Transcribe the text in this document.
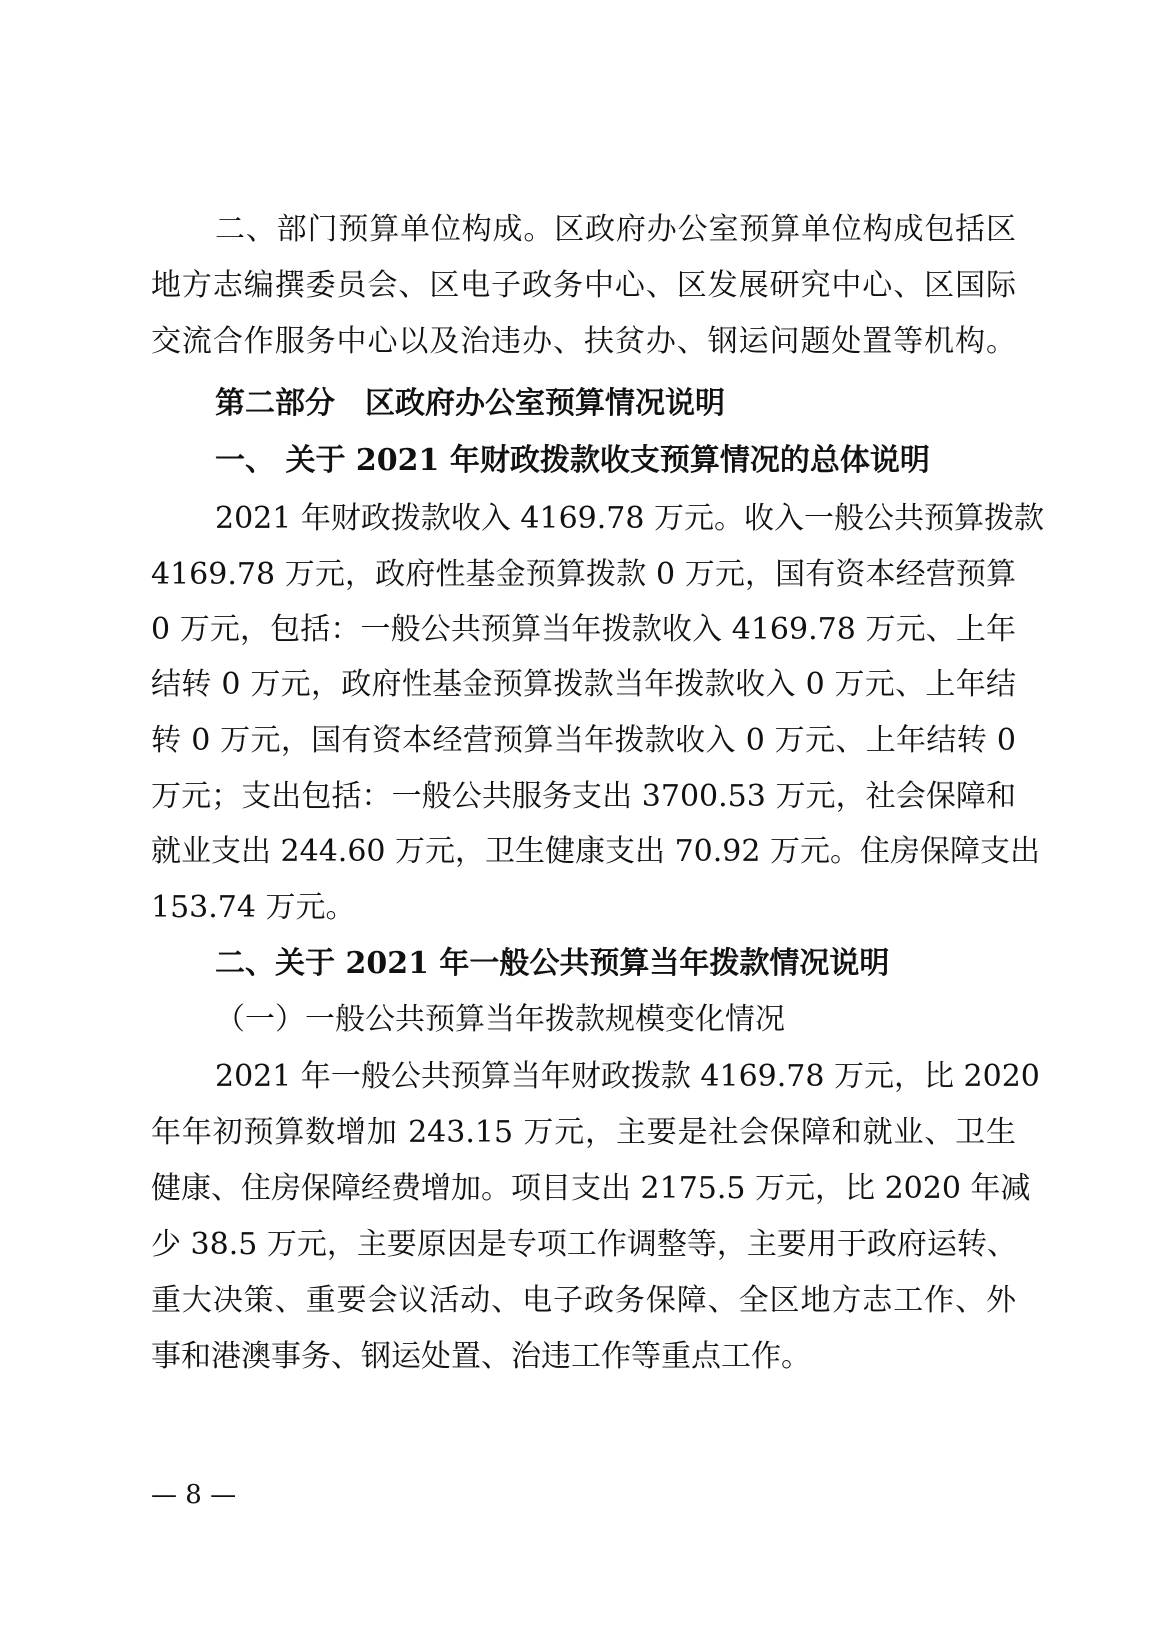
二、部门预算单位构成。区政府办公室预算单位构成包括区
地方志编撰委员会、区电子政务中心、区发展研究中心、区国际
交流合作服务中心以及治违办、扶贫办、钢运问题处置等机构。
第二部分　区政府办公室预算情况说明
一、 关于 2021 年财政拨款收支预算情况的总体说明
2021 年财政拨款收入 4169.78 万元。收入一般公共预算拨款
4169.78 万元，政府性基金预算拨款 0 万元，国有资本经营预算
0 万元，包括：一般公共预算当年拨款收入 4169.78 万元、上年
结转 0 万元，政府性基金预算拨款当年拨款收入 0 万元、上年结
转 0 万元，国有资本经营预算当年拨款收入 0 万元、上年结转 0
万元；支出包括：一般公共服务支出 3700.53 万元，社会保障和
就业支出 244.60 万元，卫生健康支出 70.92 万元。住房保障支出
153.74 万元。
二、关于 2021 年一般公共预算当年拨款情况说明
（一）一般公共预算当年拨款规模变化情况
2021 年一般公共预算当年财政拨款 4169.78 万元，比 2020
年年初预算数增加 243.15 万元，主要是社会保障和就业、卫生
健康、住房保障经费增加。项目支出 2175.5 万元，比 2020 年减
少 38.5 万元，主要原因是专项工作调整等，主要用于政府运转、
重大决策、重要会议活动、电子政务保障、全区地方志工作、外
事和港澳事务、钢运处置、治违工作等重点工作。
— 8 —
